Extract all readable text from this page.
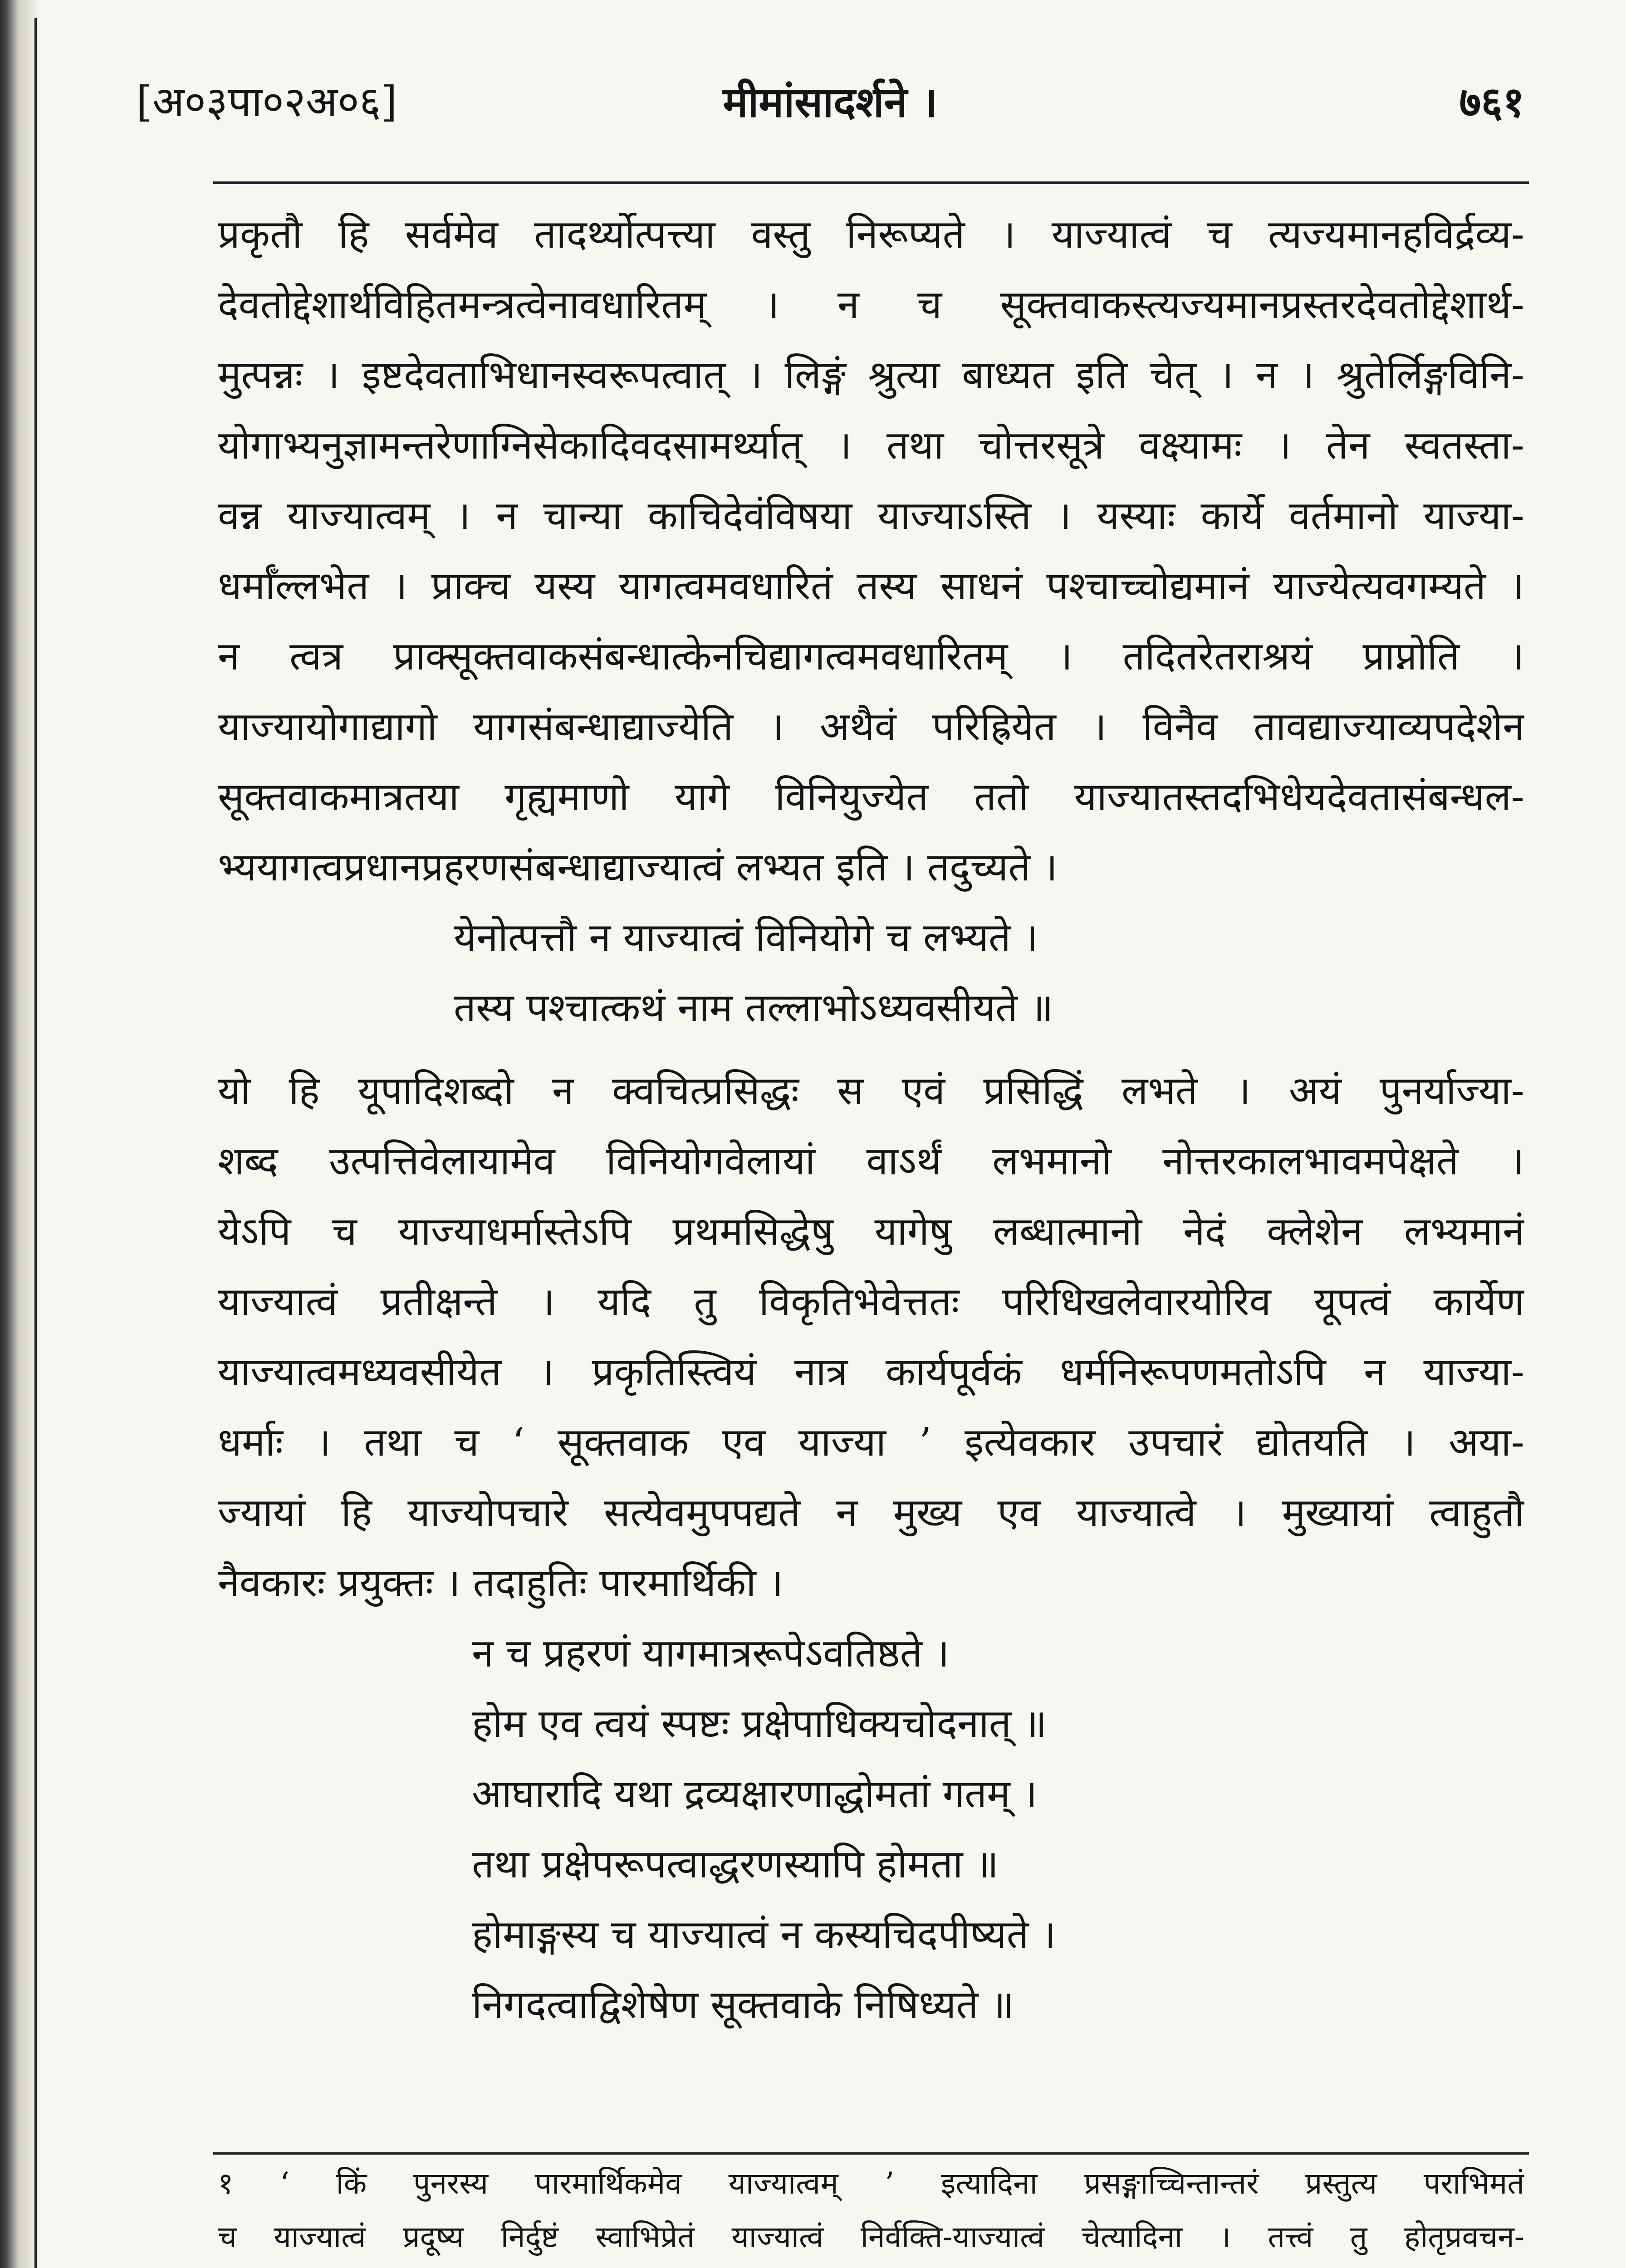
[अ०३पा०२अ०६]	मीमांसादर्शने ।	७६१
प्रकृतौ हि सर्वमेव तादर्थ्योत्पत्त्या वस्तु निरूप्यते । याज्यात्वं च त्यज्यमानहविर्द्रव्य-
देवतोद्देशार्थविहितमन्त्रत्वेनावधारितम् । न च सूक्तवाकस्त्यज्यमानप्रस्तरदेवतोद्देशार्थ-
मुत्पन्नः । इष्टदेवताभिधानस्वरूपत्वात् । लिङ्गं श्रुत्या बाध्यत इति चेत् । न । श्रुतेर्लिङ्गविनि-
योगाभ्यनुज्ञामन्तरेणाग्निसेकादिवदसामर्थ्यात् । तथा चोत्तरसूत्रे वक्ष्यामः । तेन स्वतस्ता-
वन्न याज्यात्वम् । न चान्या काचिदेवंविषया याज्याऽस्ति । यस्याः कार्ये वर्तमानो याज्या-
धर्माँल्लभेत । प्राक्च यस्य यागत्वमवधारितं तस्य साधनं पश्चाच्चोद्यमानं याज्येत्यवगम्यते ।
न त्वत्र प्राक्सूक्तवाकसंबन्धात्केनचिद्यागत्वमवधारितम् । तदितरेतराश्रयं प्राप्नोति ।
याज्यायोगाद्यागो यागसंबन्धाद्याज्येति । अथैवं परिह्रियेत । विनैव तावद्याज्याव्यपदेशेन
सूक्तवाकमात्रतया गृह्यमाणो यागे विनियुज्येत ततो याज्यातस्तदभिधेयदेवतासंबन्धल-
भ्ययागत्वप्रधानप्रहरणसंबन्धाद्याज्यात्वं लभ्यत इति । तदुच्यते ।
येनोत्पत्तौ न याज्यात्वं विनियोगे च लभ्यते ।
तस्य पश्चात्कथं नाम तल्लाभोऽध्यवसीयते ॥
यो हि यूपादिशब्दो न क्वचित्प्रसिद्धः स एवं प्रसिद्धिं लभते । अयं पुनर्याज्या-
शब्द उत्पत्तिवेलायामेव विनियोगवेलायां वाऽर्थं लभमानो नोत्तरकालभावमपेक्षते ।
येऽपि च याज्याधर्मास्तेऽपि प्रथमसिद्धेषु यागेषु लब्धात्मानो नेदं क्लेशेन लभ्यमानं
याज्यात्वं प्रतीक्षन्ते । यदि तु विकृतिभेवेत्ततः परिधिखलेवारयोरिव यूपत्वं कार्येण
याज्यात्वमध्यवसीयेत । प्रकृतिस्त्वियं नात्र कार्यपूर्वकं धर्मनिरूपणमतोऽपि न याज्या-
धर्माः । तथा च ‘ सूक्तवाक एव याज्या ’ इत्येवकार उपचारं द्योतयति । अया-
ज्यायां हि याज्योपचारे सत्येवमुपपद्यते न मुख्य एव याज्यात्वे । मुख्यायां त्वाहुतौ
नैवकारः प्रयुक्तः । तदाहुतिः पारमार्थिकी ।
न च प्रहरणं यागमात्ररूपेऽवतिष्ठते ।
होम एव त्वयं स्पष्टः प्रक्षेपाधिक्यचोदनात् ॥
आघारादि यथा द्रव्यक्षारणाद्धोमतां गतम् ।
तथा प्रक्षेपरूपत्वाद्धरणस्यापि होमता ॥
होमाङ्गस्य च याज्यात्वं न कस्यचिदपीष्यते ।
निगदत्वाद्विशेषेण सूक्तवाके निषिध्यते ॥
१ ‘ किं पुनरस्य पारमार्थिकमेव याज्यात्वम् ’ इत्यादिना प्रसङ्गाच्चिन्तान्तरं प्रस्तुत्य पराभिमतं
च याज्यात्वं प्रदूष्य निर्दुष्टं स्वाभिप्रेतं याज्यात्वं निर्वक्ति-याज्यात्वं चेत्यादिना । तत्त्वं तु होतृप्रवचन-
